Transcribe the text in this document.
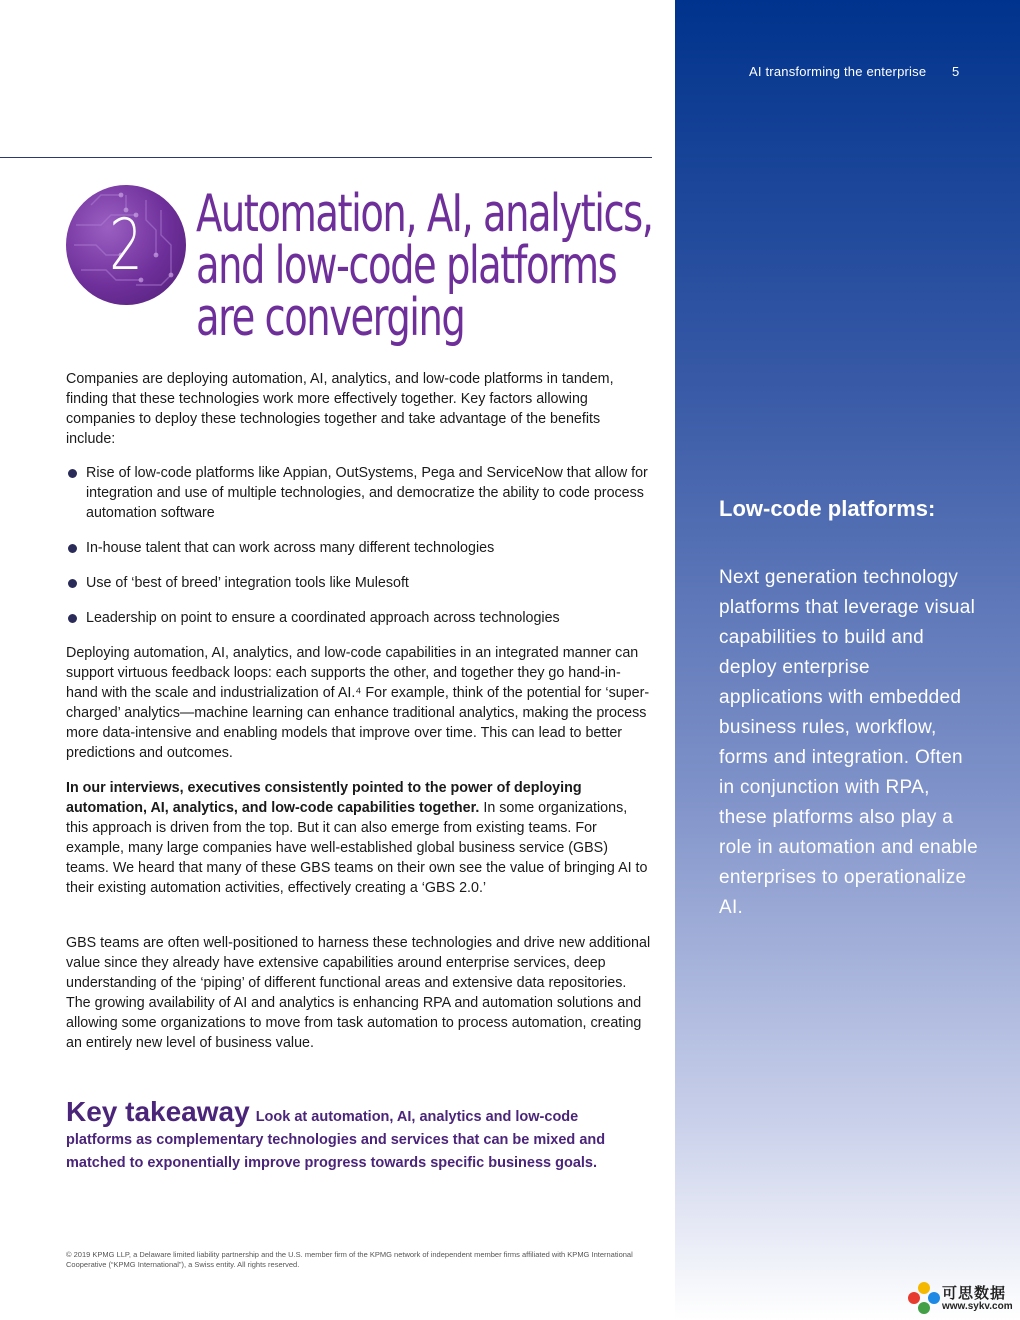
AI transforming the enterprise 5
2	Automation, AI, analytics,
and low-code platforms
are converging
Companies are deploying automation, AI, analytics, and low-code platforms in tandem, finding that these technologies work more effectively together. Key factors allowing companies to deploy these technologies together and take advantage of the benefits include:
Rise of low-code platforms like Appian, OutSystems, Pega and ServiceNow that allow for integration and use of multiple technologies, and democratize the ability to code process automation software
In-house talent that can work across many different technologies
Use of ‘best of breed’ integration tools like Mulesoft
Leadership on point to ensure a coordinated approach across technologies
Deploying automation, AI, analytics, and low-code capabilities in an integrated manner can support virtuous feedback loops: each supports the other, and together they go hand-in-hand with the scale and industrialization of AI.⁴ For example, think of the potential for ‘super-charged’ analytics—machine learning can enhance traditional analytics, making the process more data-intensive and enabling models that improve over time. This can lead to better predictions and outcomes.
In our interviews, executives consistently pointed to the power of deploying automation, AI, analytics, and low-code capabilities together. In some organizations, this approach is driven from the top. But it can also emerge from existing teams. For example, many large companies have well-established global business service (GBS) teams. We heard that many of these GBS teams on their own see the value of bringing AI to their existing automation activities, effectively creating a ‘GBS 2.0.’
GBS teams are often well-positioned to harness these technologies and drive new additional value since they already have extensive capabilities around enterprise services, deep understanding of the ‘piping’ of different functional areas and extensive data repositories. The growing availability of AI and analytics is enhancing RPA and automation solutions and allowing some organizations to move from task automation to process automation, creating an entirely new level of business value.
Key takeaway Look at automation, AI, analytics and low-code platforms as complementary technologies and services that can be mixed and matched to exponentially improve progress towards specific business goals.
© 2019 KPMG LLP, a Delaware limited liability partnership and the U.S. member firm of the KPMG network of independent member firms affiliated with KPMG International Cooperative (“KPMG International”), a Swiss entity. All rights reserved.
Low-code platforms:
Next generation technology platforms that leverage visual capabilities to build and deploy enterprise applications with embedded business rules, workflow, forms and integration. Often in conjunction with RPA, these platforms also play a role in automation and enable enterprises to operationalize AI.
可思数据
www.sykv.com
